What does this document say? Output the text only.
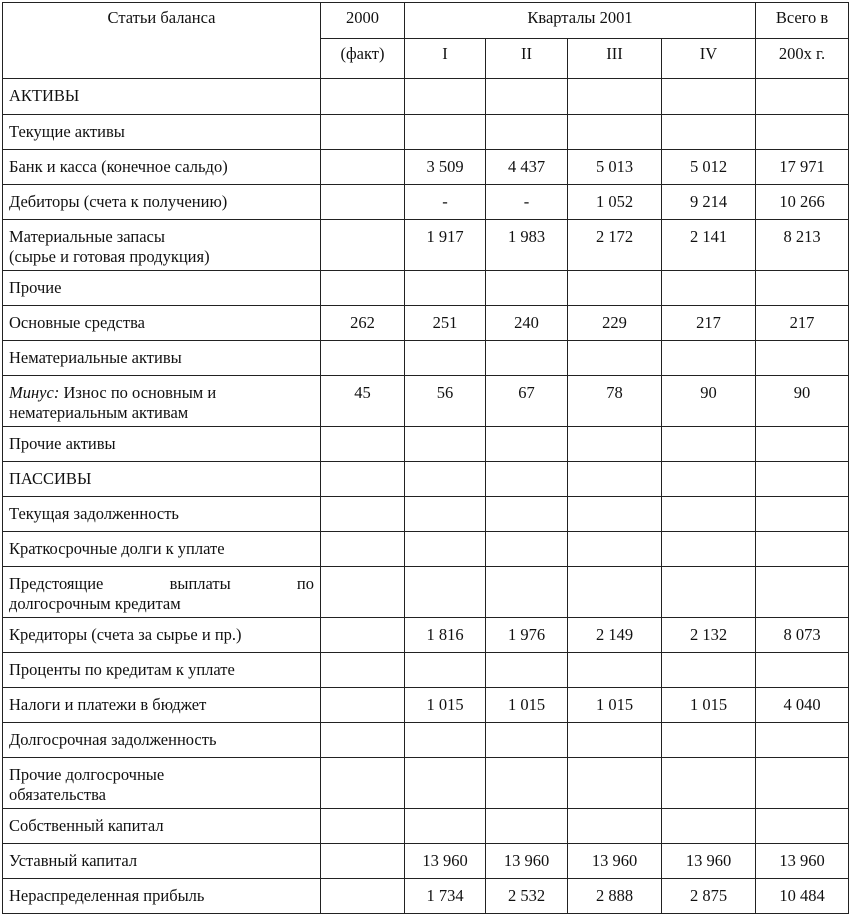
Статьи баланса	2000	Кварталы 2001				Всего в
	(факт)	I	II	III	IV	200х г.

АКТИВЫ						

Текущие активы						

Банк и касса (конечное сальдо)		3 509	4 437	5 013	5 012	17 971

Дебиторы (счета к получению)		-	-	1 052	9 214	10 266

Материальные запасы
(сырье и готовая продукция)		1 917	1 983	2 172	2 141	8 213

Прочие						

Основные средства	262	251	240	229	217	217

Нематериальные активы						

Минус: Износ по основным и
нематериальным активам	45	56	67	78	90	90

Прочие активы						

ПАССИВЫ						

Текущая задолженность						

Краткосрочные долги к уплате						

Предстоящие выплаты по
долгосрочным кредитам						

Кредиторы (счета за сырье и пр.)		1 816	1 976	2 149	2 132	8 073

Проценты по кредитам к уплате						

Налоги и платежи в бюджет		1 015	1 015	1 015	1 015	4 040

Долгосрочная задолженность						

Прочие долгосрочные
обязательства						

Собственный капитал						

Уставный капитал		13 960	13 960	13 960	13 960	13 960

Нераспределенная прибыль		1 734	2 532	2 888	2 875	10 484
